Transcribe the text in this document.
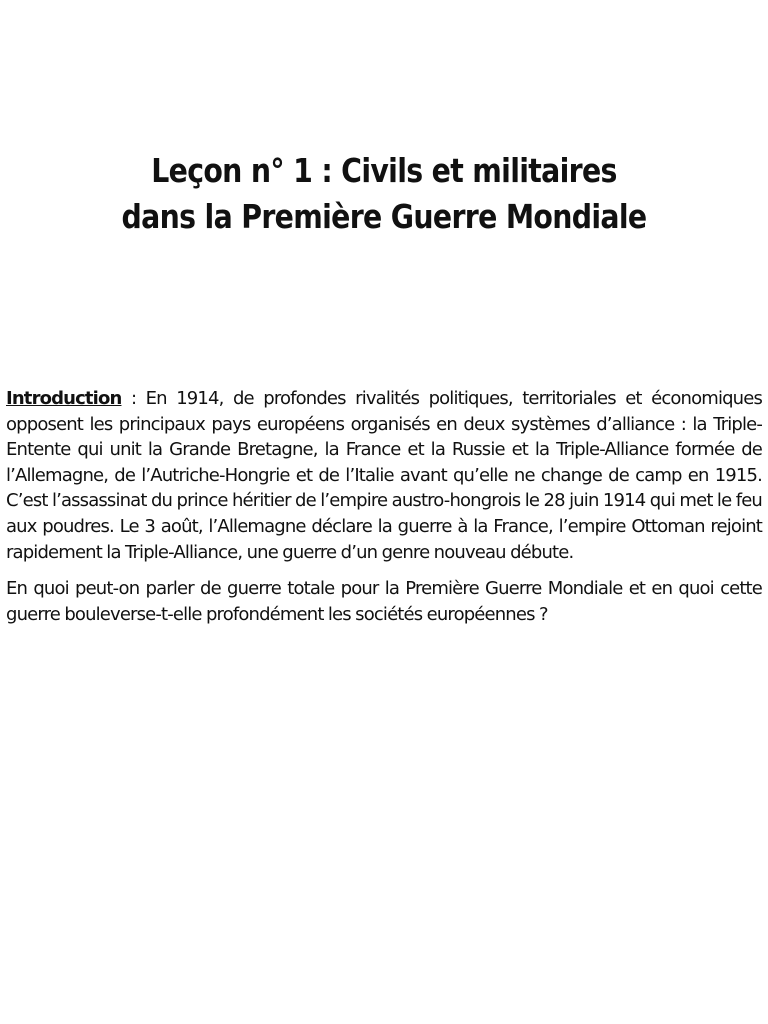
Leçon n° 1 : Civils et militaires
dans la Première Guerre Mondiale

Introduction : En 1914, de profondes rivalités politiques, territoriales et économiques opposent les principaux pays européens organisés en deux systèmes d’alliance : la Triple-Entente qui unit la Grande Bretagne, la France et la Russie et la Triple-Alliance formée de l’Allemagne, de l’Autriche-Hongrie et de l’Italie avant qu’elle ne change de camp en 1915. C’est l’assassinat du prince héritier de l’empire austro-hongrois le 28 juin 1914 qui met le feu aux poudres. Le 3 août, l’Allemagne déclare la guerre à la France, l’empire Ottoman rejoint rapidement la Triple-Alliance, une guerre d’un genre nouveau débute.

En quoi peut-on parler de guerre totale pour la Première Guerre Mondiale et en quoi cette guerre bouleverse-t-elle profondément les sociétés européennes ?
